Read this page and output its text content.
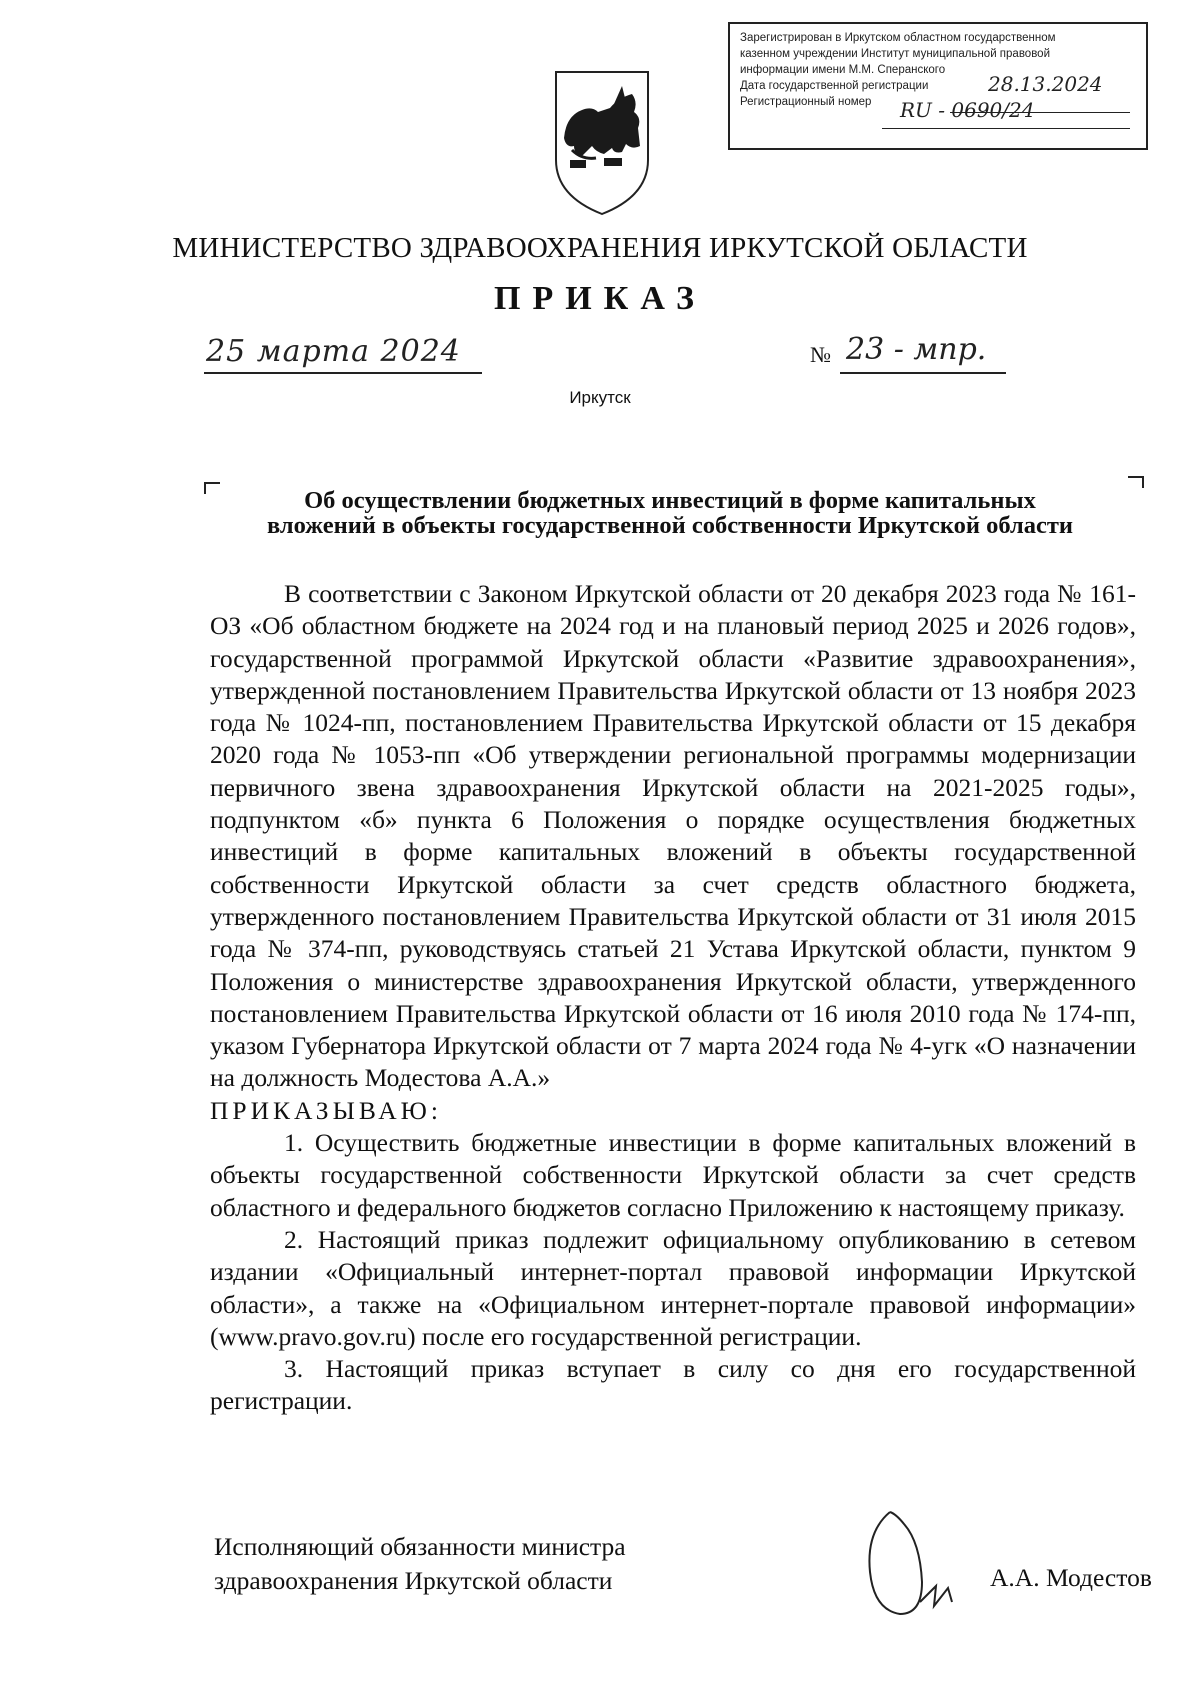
Зарегистрирован в Иркутском областном государственном
казенном учреждении Институт муниципальной правовой
информации имени М.М. Сперанского
Дата государственной регистрации
Регистрационный номер
28.13.2024
RU - 0690/24
МИНИСТЕРСТВО ЗДРАВООХРАНЕНИЯ ИРКУТСКОЙ ОБЛАСТИ
ПРИКАЗ
25 марта 2024	№ 23 - мпр.
Иркутск
Об осуществлении бюджетных инвестиций в форме капитальных
вложений в объекты государственной собственности Иркутской области

В соответствии с Законом Иркутской области от 20 декабря 2023 года № 161-ОЗ «Об областном бюджете на 2024 год и на плановый период 2025 и 2026 годов», государственной программой Иркутской области «Развитие здравоохранения», утвержденной постановлением Правительства Иркутской области от 13 ноября 2023 года № 1024-пп, постановлением Правительства Иркутской области от 15 декабря 2020 года № 1053-пп «Об утверждении региональной программы модернизации первичного звена здравоохранения Иркутской области на 2021-2025 годы», подпунктом «б» пункта 6 Положения о порядке осуществления бюджетных инвестиций в форме капитальных вложений в объекты государственной собственности Иркутской области за счет средств областного бюджета, утвержденного постановлением Правительства Иркутской области от 31 июля 2015 года № 374-пп, руководствуясь статьей 21 Устава Иркутской области, пунктом 9 Положения о министерстве здравоохранения Иркутской области, утвержденного постановлением Правительства Иркутской области от 16 июля 2010 года № 174-пп, указом Губернатора Иркутской области от 7 марта 2024 года № 4-угк «О назначении на должность Модестова А.А.»

ПРИКАЗЫВАЮ:

1. Осуществить бюджетные инвестиции в форме капитальных вложений в объекты государственной собственности Иркутской области за счет средств областного и федерального бюджетов согласно Приложению к настоящему приказу.

2. Настоящий приказ подлежит официальному опубликованию в сетевом издании «Официальный интернет-портал правовой информации Иркутской области», а также на «Официальном интернет-портале правовой информации» (www.pravo.gov.ru) после его государственной регистрации.

3. Настоящий приказ вступает в силу со дня его государственной регистрации.

Исполняющий обязанности министра
здравоохранения Иркутской области	А.А. Модестов
